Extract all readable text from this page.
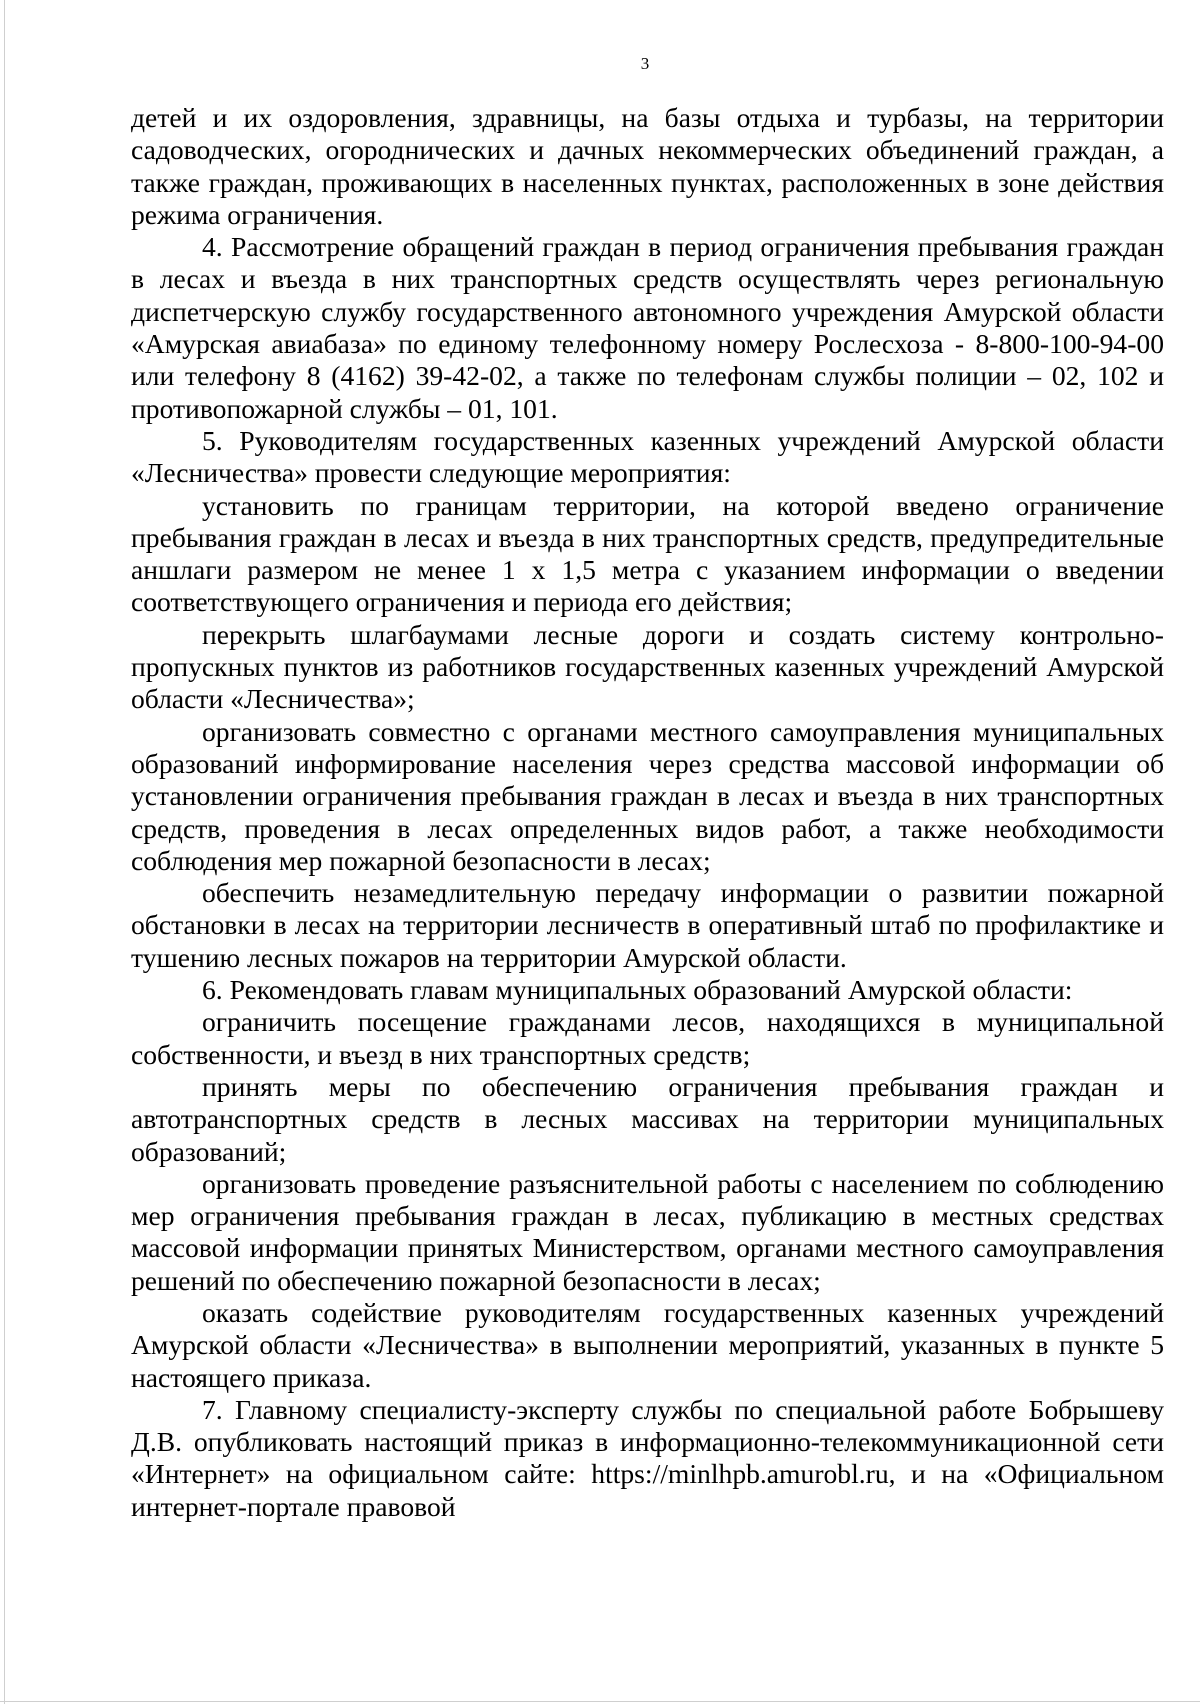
3

детей и их оздоровления, здравницы, на базы отдыха и турбазы, на территории садоводческих, огороднических и дачных некоммерческих объединений граждан, а также граждан, проживающих в населенных пунктах, расположенных в зоне действия режима ограничения.

4. Рассмотрение обращений граждан в период ограничения пребывания граждан в лесах и въезда в них транспортных средств осуществлять через региональную диспетчерскую службу государственного автономного учреждения Амурской области «Амурская авиабаза» по единому телефонному номеру Рослесхоза - 8-800-100-94-00 или телефону 8 (4162) 39-42-02, а также по телефонам службы полиции – 02, 102 и противопожарной службы – 01, 101.

5. Руководителям государственных казенных учреждений Амурской области «Лесничества» провести следующие мероприятия:

установить по границам территории, на которой введено ограничение пребывания граждан в лесах и въезда в них транспортных средств, предупредительные аншлаги размером не менее 1 х 1,5 метра с указанием информации о введении соответствующего ограничения и периода его действия;

перекрыть шлагбаумами лесные дороги и создать систему контрольно-пропускных пунктов из работников государственных казенных учреждений Амурской области «Лесничества»;

организовать совместно с органами местного самоуправления муниципальных образований информирование населения через средства массовой информации об установлении ограничения пребывания граждан в лесах и въезда в них транспортных средств, проведения в лесах определенных видов работ, а также необходимости соблюдения мер пожарной безопасности в лесах;

обеспечить незамедлительную передачу информации о развитии пожарной обстановки в лесах на территории лесничеств в оперативный штаб по профилактике и тушению лесных пожаров на территории Амурской области.

6. Рекомендовать главам муниципальных образований Амурской области:

ограничить посещение гражданами лесов, находящихся в муниципальной собственности, и въезд в них транспортных средств;

принять меры по обеспечению ограничения пребывания граждан и автотранспортных средств в лесных массивах на территории муниципальных образований;

организовать проведение разъяснительной работы с населением по соблюдению мер ограничения пребывания граждан в лесах, публикацию в местных средствах массовой информации принятых Министерством, органами местного самоуправления решений по обеспечению пожарной безопасности в лесах;

оказать содействие руководителям государственных казенных учреждений Амурской области «Лесничества» в выполнении мероприятий, указанных в пункте 5 настоящего приказа.

7. Главному специалисту-эксперту службы по специальной работе Бобрышеву Д.В. опубликовать настоящий приказ в информационно-телекоммуникационной сети «Интернет» на официальном сайте: https://minlhpb.amurobl.ru, и на «Официальном интернет-портале правовой
